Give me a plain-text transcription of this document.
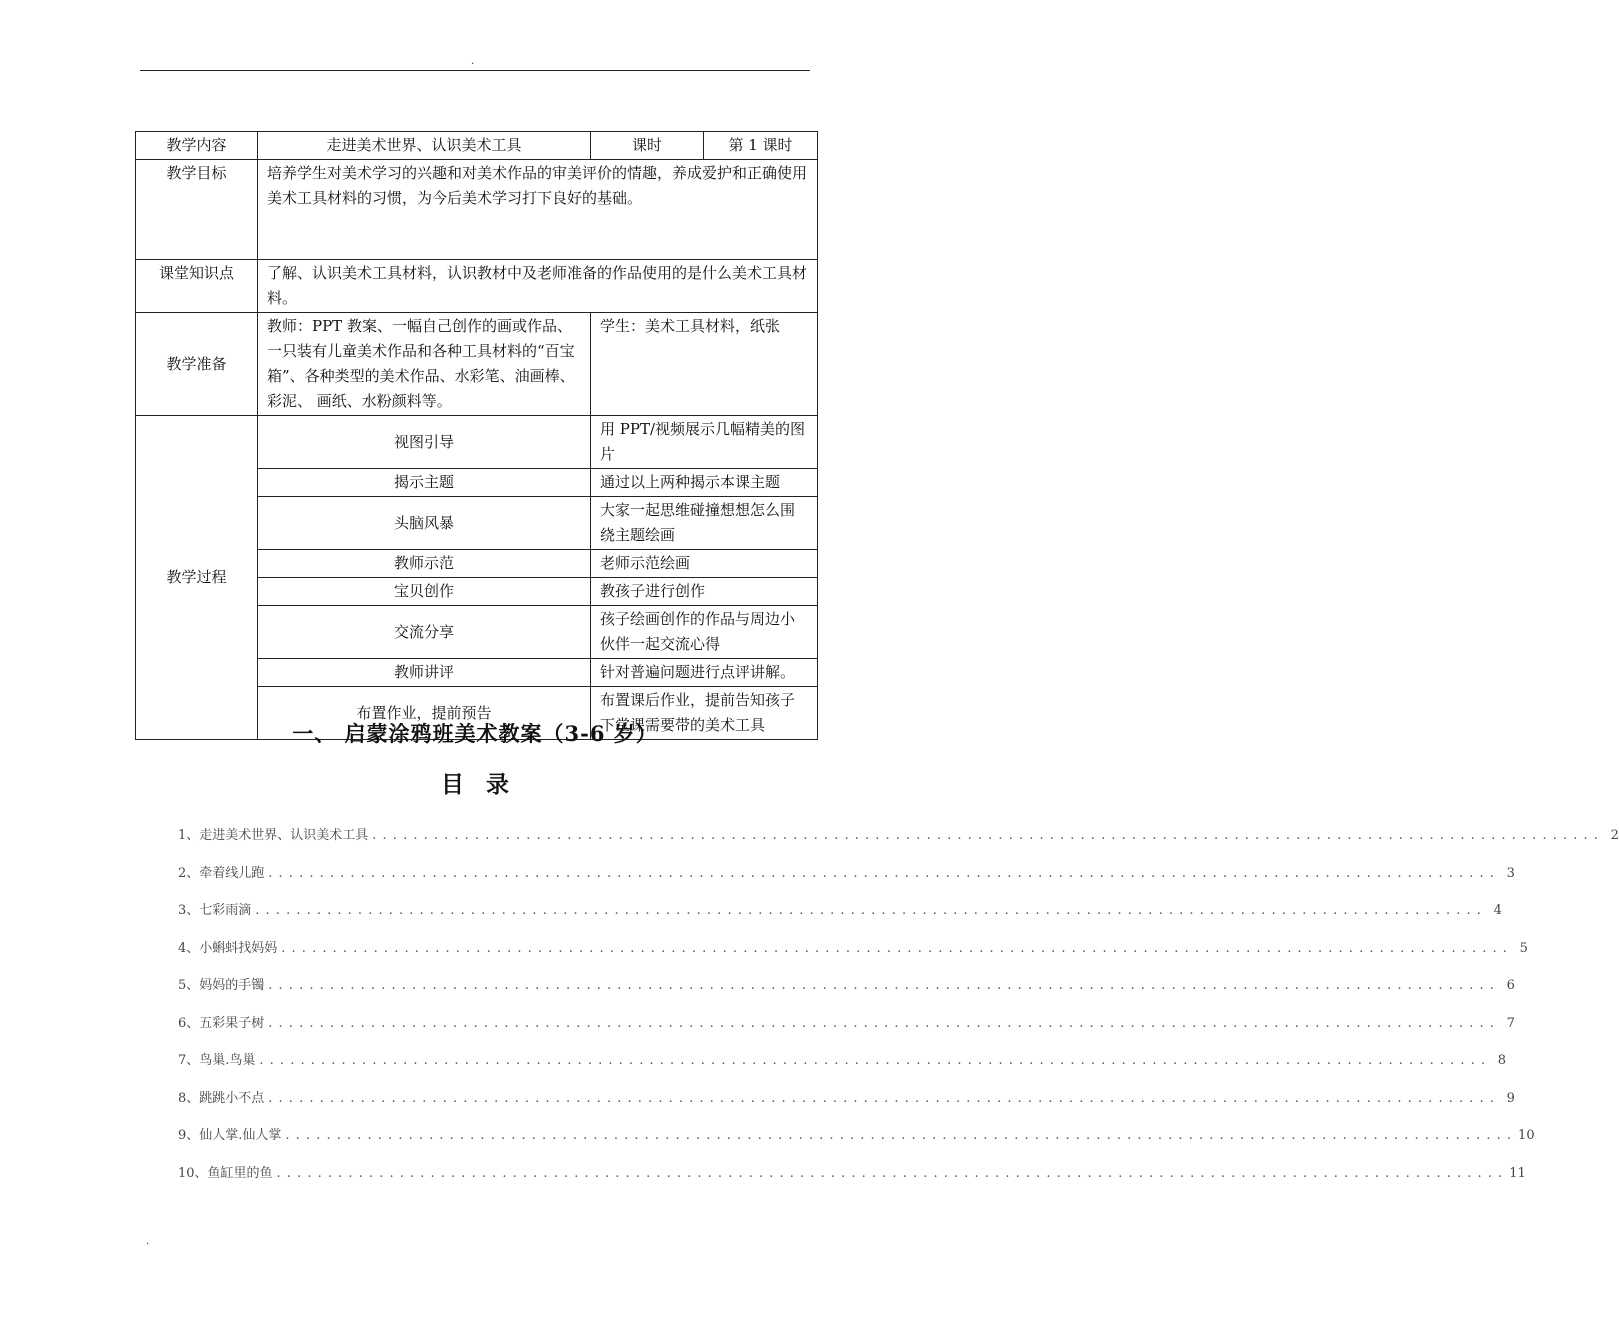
.
教学内容	走进美术世界、认识美术工具	课时	第 1 课时
教学目标	培养学生对美术学习的兴趣和对美术作品的审美评价的情趣，养成爱护和正确使用美术工具材料的习惯，为今后美术学习打下良好的基础。		
课堂知识点	了解、认识美术工具材料，认识教材中及老师准备的作品使用的是什么美术工具材料。		
教学准备	教师：PPT 教案、一幅自己创作的画或作品、一只装有儿童美术作品和各种工具材料的“百宝箱”、各种类型的美术作品、水彩笔、油画棒、彩泥、 画纸、水粉颜料等。	学生：美术工具材料，纸张	
教学过程	视图引导	用 PPT/视频展示几幅精美的图片	
	揭示主题	通过以上两种揭示本课主题	
	头脑风暴	大家一起思维碰撞想想怎么围绕主题绘画	
	教师示范	老师示范绘画	
	宝贝创作	教孩子进行创作	
	交流分享	孩子绘画创作的作品与周边小伙伴一起交流心得	
	教师讲评	针对普遍问题进行点评讲解。	
	布置作业，提前预告	布置课后作业，提前告知孩子下堂课需要带的美术工具	
一、 启蒙涂鸦班美术教案（3-6 岁）
目录
1、走进美术世界、认识美术工具 . . . . . . . . . . . . . . . . . . . . . . . . . . . . . . . . . . . . . . . . . . . . . . . . . . . . . . . . . . . . . . . . . . . . . . . . . . . . . . . . . . . . . . . . . . . . . . . . . . . . . . . . . . . . . . . . . . . . . . . . 2
2、牵着线儿跑 . . . . . . . . . . . . . . . . . . . . . . . . . . . . . . . . . . . . . . . . . . . . . . . . . . . . . . . . . . . . . . . . . . . . . . . . . . . . . . . . . . . . . . . . . . . . . . . . . . . . . . . . . . . . . . . . . . . . . . . . 3
3、七彩雨滴 . . . . . . . . . . . . . . . . . . . . . . . . . . . . . . . . . . . . . . . . . . . . . . . . . . . . . . . . . . . . . . . . . . . . . . . . . . . . . . . . . . . . . . . . . . . . . . . . . . . . . . . . . . . . . . . . . . . . . . . . 4
4、小蝌蚪找妈妈 . . . . . . . . . . . . . . . . . . . . . . . . . . . . . . . . . . . . . . . . . . . . . . . . . . . . . . . . . . . . . . . . . . . . . . . . . . . . . . . . . . . . . . . . . . . . . . . . . . . . . . . . . . . . . . . . . . . . . . . . 5
5、妈妈的手镯 . . . . . . . . . . . . . . . . . . . . . . . . . . . . . . . . . . . . . . . . . . . . . . . . . . . . . . . . . . . . . . . . . . . . . . . . . . . . . . . . . . . . . . . . . . . . . . . . . . . . . . . . . . . . . . . . . . . . . . . . 6
6、五彩果子树 . . . . . . . . . . . . . . . . . . . . . . . . . . . . . . . . . . . . . . . . . . . . . . . . . . . . . . . . . . . . . . . . . . . . . . . . . . . . . . . . . . . . . . . . . . . . . . . . . . . . . . . . . . . . . . . . . . . . . . . . 7
7、鸟巢.鸟巢 . . . . . . . . . . . . . . . . . . . . . . . . . . . . . . . . . . . . . . . . . . . . . . . . . . . . . . . . . . . . . . . . . . . . . . . . . . . . . . . . . . . . . . . . . . . . . . . . . . . . . . . . . . . . . . . . . . . . . . . . 8
8、跳跳小不点 . . . . . . . . . . . . . . . . . . . . . . . . . . . . . . . . . . . . . . . . . . . . . . . . . . . . . . . . . . . . . . . . . . . . . . . . . . . . . . . . . . . . . . . . . . . . . . . . . . . . . . . . . . . . . . . . . . . . . . . . 9
9、仙人掌.仙人掌 . . . . . . . . . . . . . . . . . . . . . . . . . . . . . . . . . . . . . . . . . . . . . . . . . . . . . . . . . . . . . . . . . . . . . . . . . . . . . . . . . . . . . . . . . . . . . . . . . . . . . . . . . . . . . . . . . . . . . . . . 10
10、鱼缸里的鱼 . . . . . . . . . . . . . . . . . . . . . . . . . . . . . . . . . . . . . . . . . . . . . . . . . . . . . . . . . . . . . . . . . . . . . . . . . . . . . . . . . . . . . . . . . . . . . . . . . . . . . . . . . . . . . . . . . . . . . . . . 11
.
